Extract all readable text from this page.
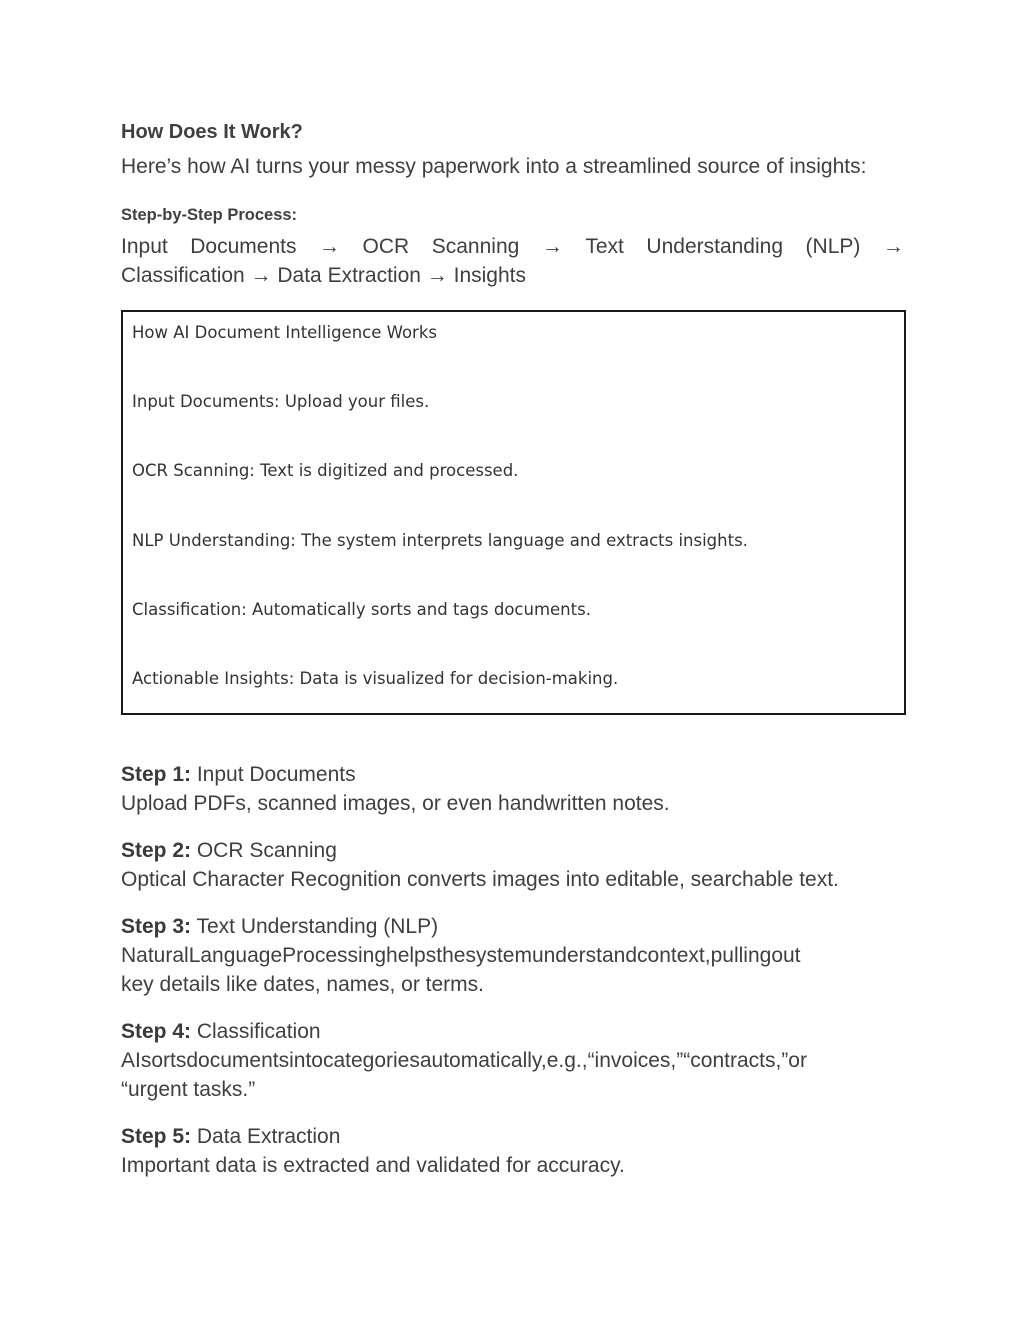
How Does It Work?
Here’s how AI turns your messy paperwork into a streamlined source of insights:
Step-by-Step Process:
Input Documents → OCR Scanning → Text Understanding (NLP) →
Classification → Data Extraction → Insights
How AI Document Intelligence Works
Input Documents: Upload your files.
OCR Scanning: Text is digitized and processed.
NLP Understanding: The system interprets language and extracts insights.
Classification: Automatically sorts and tags documents.
Actionable Insights: Data is visualized for decision-making.
Step 1: Input Documents
Upload PDFs, scanned images, or even handwritten notes.
Step 2: OCR Scanning
Optical Character Recognition converts images into editable, searchable text.
Step 3: Text Understanding (NLP)
NaturalLanguageProcessinghelpsthesystemunderstandcontext,pullingout
key details like dates, names, or terms.
Step 4: Classification
AIsortsdocumentsintocategoriesautomatically,e.g.,“invoices,”“contracts,”or
“urgent tasks.”
Step 5: Data Extraction
Important data is extracted and validated for accuracy.
